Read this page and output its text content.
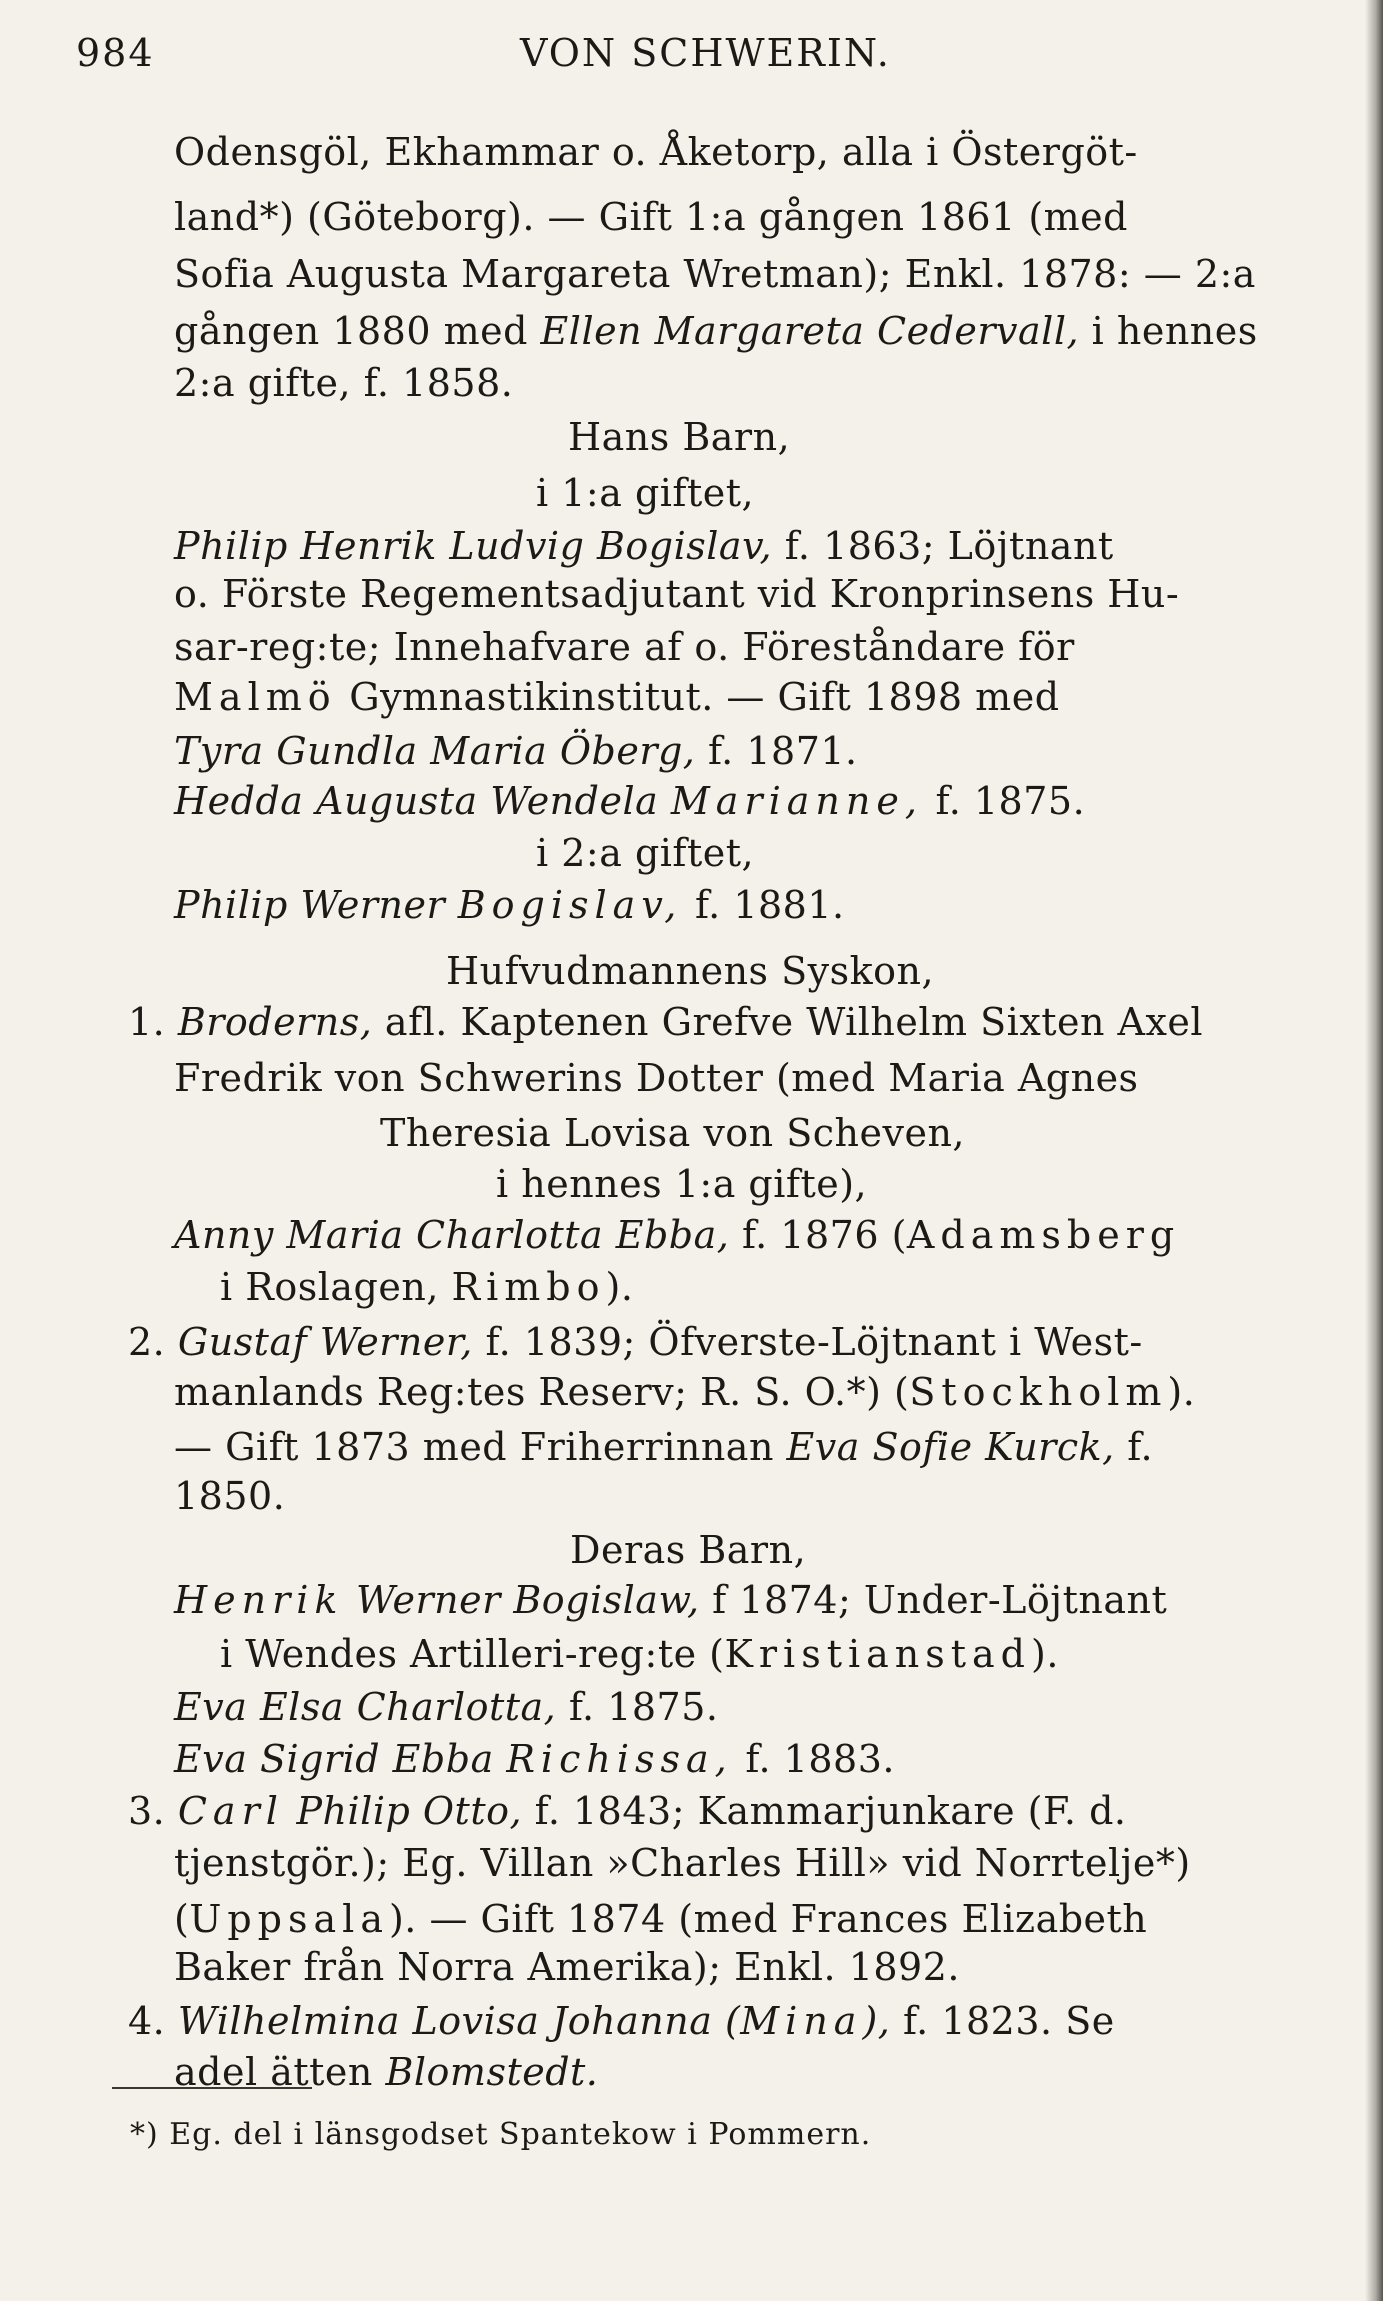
984	VON SCHWERIN.
Odensgöl, Ekhammar o. Åketorp, alla i Östergöt-
land*) (Göteborg). — Gift 1:a gången 1861 (med
Sofia Augusta Margareta Wretman); Enkl. 1878: — 2:a
gången 1880 med Ellen Margareta Cedervall, i hennes
2:a gifte, f. 1858.
Hans Barn,
i 1:a giftet,
Philip Henrik Ludvig Bogislav, f. 1863; Löjtnant
o. Förste Regementsadjutant vid Kronprinsens Hu-
sar-reg:te; Innehafvare af o. Föreståndare för
Malmö Gymnastikinstitut. — Gift 1898 med
Tyra Gundla Maria Öberg, f. 1871.
Hedda Augusta Wendela Marianne, f. 1875.
i 2:a giftet,
Philip Werner Bogislav, f. 1881.
Hufvudmannens Syskon,
1. Broderns, afl. Kaptenen Grefve Wilhelm Sixten Axel
Fredrik von Schwerins Dotter (med Maria Agnes
Theresia Lovisa von Scheven,
i hennes 1:a gifte),
Anny Maria Charlotta Ebba, f. 1876 (Adamsberg
i Roslagen, Rimbo).
2. Gustaf Werner, f. 1839; Öfverste-Löjtnant i West-
manlands Reg:tes Reserv; R. S. O.*) (Stockholm).
— Gift 1873 med Friherrinnan Eva Sofie Kurck, f.
1850.
Deras Barn,
Henrik Werner Bogislaw, f 1874; Under-Löjtnant
i Wendes Artilleri-reg:te (Kristianstad).
Eva Elsa Charlotta, f. 1875.
Eva Sigrid Ebba Richissa, f. 1883.
3. Carl Philip Otto, f. 1843; Kammarjunkare (F. d.
tjenstgör.); Eg. Villan »Charles Hill» vid Norrtelje*)
(Uppsala). — Gift 1874 (med Frances Elizabeth
Baker från Norra Amerika); Enkl. 1892.
4. Wilhelmina Lovisa Johanna (Mina), f. 1823. Se
adel ätten Blomstedt.
*) Eg. del i länsgodset Spantekow i Pommern.
